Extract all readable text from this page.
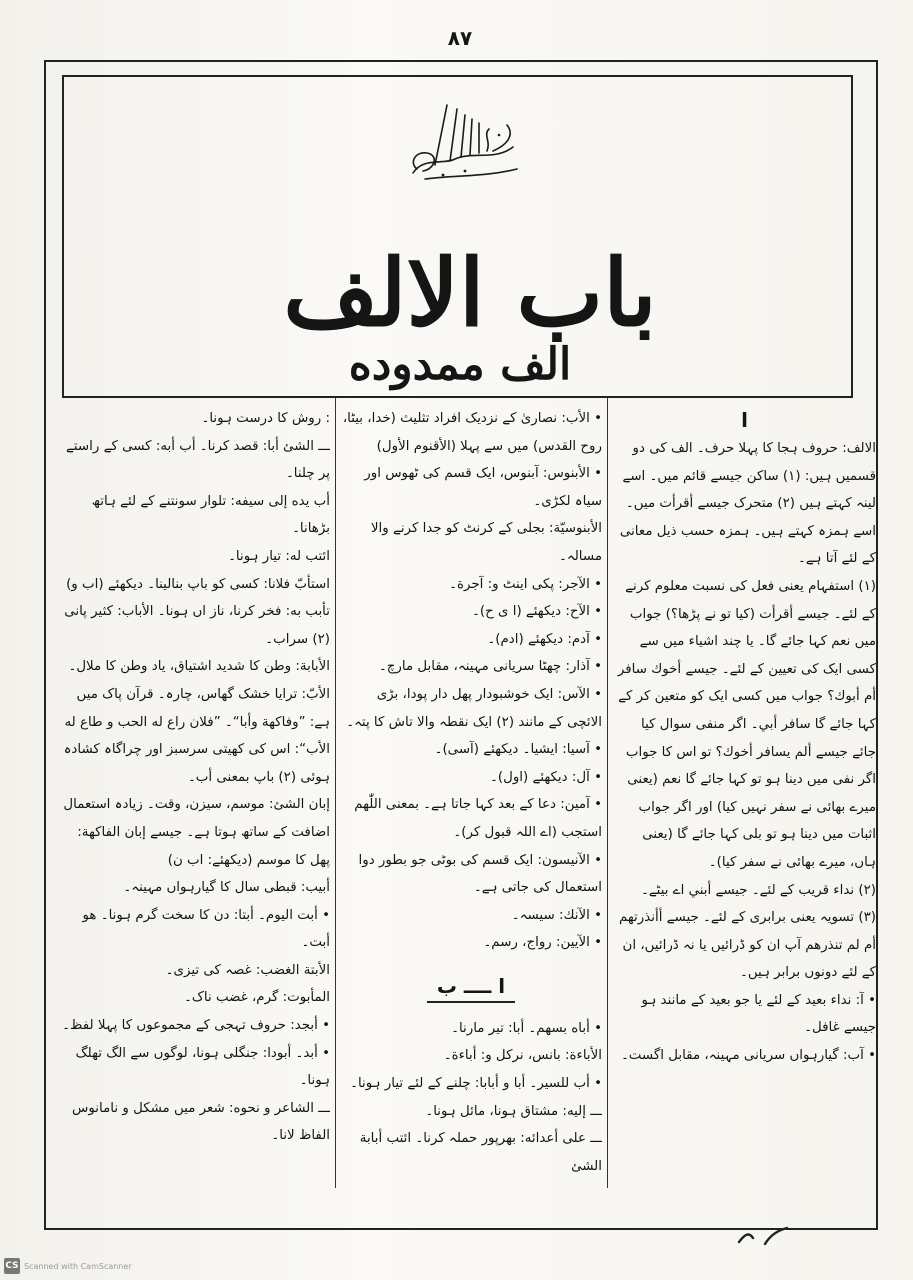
۸۷
باب الالف
الف ممدوده
ا

الالف: حروف ہجا کا پہلا حرف۔ الف کی دو قسمیں ہیں: (۱) ساکن جیسے قائم میں۔ اسے لینہ کہتے ہیں (۲) متحرک جیسے أقرأت میں۔ اسے ہمزہ کہتے ہیں۔ ہمزہ حسب ذیل معانی کے لئے آتا ہے۔

(۱) استفہام یعنی فعل کی نسبت معلوم کرنے کے لئے۔ جیسے أقرأت (کیا تو نے پڑھا؟) جواب میں نعم کہا جائے گا۔ یا چند اشیاء میں سے کسی ایک کی تعیین کے لئے۔ جیسے أخوك سافر أم أبوك؟ جواب میں کسی ایک کو متعین کر کے کہا جائے گا سافر أبي۔ اگر منفی سوال کیا جائے جیسے ألم يسافر أخوك؟ تو اس کا جواب اگر نفی میں دینا ہو تو کہا جائے گا نعم (یعنی میرے بھائی نے سفر نہیں کیا) اور اگر جواب اثبات میں دینا ہو تو بلی کہا جائے گا (یعنی ہاں، میرے بھائی نے سفر کیا)۔

(۲) نداء قریب کے لئے۔ جیسے أبني اے بیٹے۔

(۳) تسویہ یعنی برابری کے لئے۔ جیسے أأنذرتهم أم لم تنذرهم آپ ان کو ڈرائیں یا نہ ڈرائیں، ان کے لئے دونوں برابر ہیں۔

• آ: نداء بعید کے لئے یا جو بعید کے مانند ہو جیسے غافل۔

• آب: گیارہواں سریانی مہینہ، مقابل اگست۔

• الأب: نصاریٰ کے نزدیک افراد تثلیث (خدا، بیٹا، روح القدس) میں سے پہلا (الأقنوم الأول)

• الأبنوس: آبنوس، ایک قسم کی ٹھوس اور سیاہ لکڑی۔

الأبنوسيّة: بجلی کے کرنٹ کو جدا کرنے والا مسالہ۔

• الآجر: پکی اینٹ و: آجرة۔

• الآح: دیکھئے (ا ی ح)۔

• آدم: دیکھئے (ادم)۔

• آذار: چھٹا سریانی مہینہ، مقابل مارچ۔

• الآس: ایک خوشبودار پھل دار پودا، بڑی الائچی کے مانند (۲) ایک نقطہ والا تاش کا پتہ۔

• آسيا: ایشیا۔ دیکھئے (آسی)۔

• آل: دیکھئے (اول)۔

• آمين: دعا کے بعد کہا جاتا ہے۔ بمعنی اللّٰهم استجب (اے اللہ قبول کر)۔

• الآنيسون: ایک قسم کی بوٹی جو بطور دوا استعمال کی جاتی ہے۔

• الآنك: سیسہ۔

• الآيين: رواج، رسم۔

ا ــــ ب

• أباه بسهم۔ أبا: تیر مارنا۔

الأباءة: بانس، نرکل و: أباءة۔

• أب للسير۔ أبا و أبابا: چلنے کے لئے تیار ہونا۔

ـــ إليه: مشتاق ہونا، مائل ہونا۔

ـــ على أعدائه: بھرپور حملہ کرنا۔ ائتب أبابة الشئ

: روش کا درست ہونا۔

ـــ الشئ أبا: قصد کرنا۔ أب أبه: کسی کے راستے پر چلنا۔

أب يده إلى سيفه: تلوار سونتنے کے لئے ہاتھ بڑھانا۔

ائتب له: تیار ہونا۔

استأبّ فلانا: کسی کو باپ بنالینا۔ دیکھئے (اب و)

تأبب به: فخر کرنا، ناز اں ہونا۔ الأباب: کثیر پانی (۲) سراب۔

الأبابة: وطن کا شدید اشتیاق، یاد وطن کا ملال۔

الأبّ: ترایا خشک گھاس، چارہ۔ قرآن پاک میں ہے: ”وفاكهة وأبا“۔ ”فلان راع له الحب و طاع له الأب“: اس کی کھیتی سرسبز اور چراگاہ کشادہ ہوئی (۲) باپ بمعنی أب۔

إبان الشئ: موسم، سیزن، وقت۔ زیادہ استعمال اضافت کے ساتھ ہوتا ہے۔ جیسے إبان الفاكهة: پھل کا موسم (دیکھئے: اب ن)

أبيب: قبطی سال کا گیارہواں مہینہ۔

• أبت اليوم۔ أبتا: دن کا سخت گرم ہونا۔ هو أبت۔

الأبتة الغضب: غصہ کی تیزی۔

المأبوت: گرم، غضب ناک۔

• أبجد: حروف تہجی کے مجموعوں کا پہلا لفظ۔

• أبد۔ أبودا: جنگلی ہونا، لوگوں سے الگ تھلگ ہونا۔

ـــ الشاعر و نحوه: شعر میں مشکل و نامانوس الفاظ لانا۔

CS Scanned with CamScanner
